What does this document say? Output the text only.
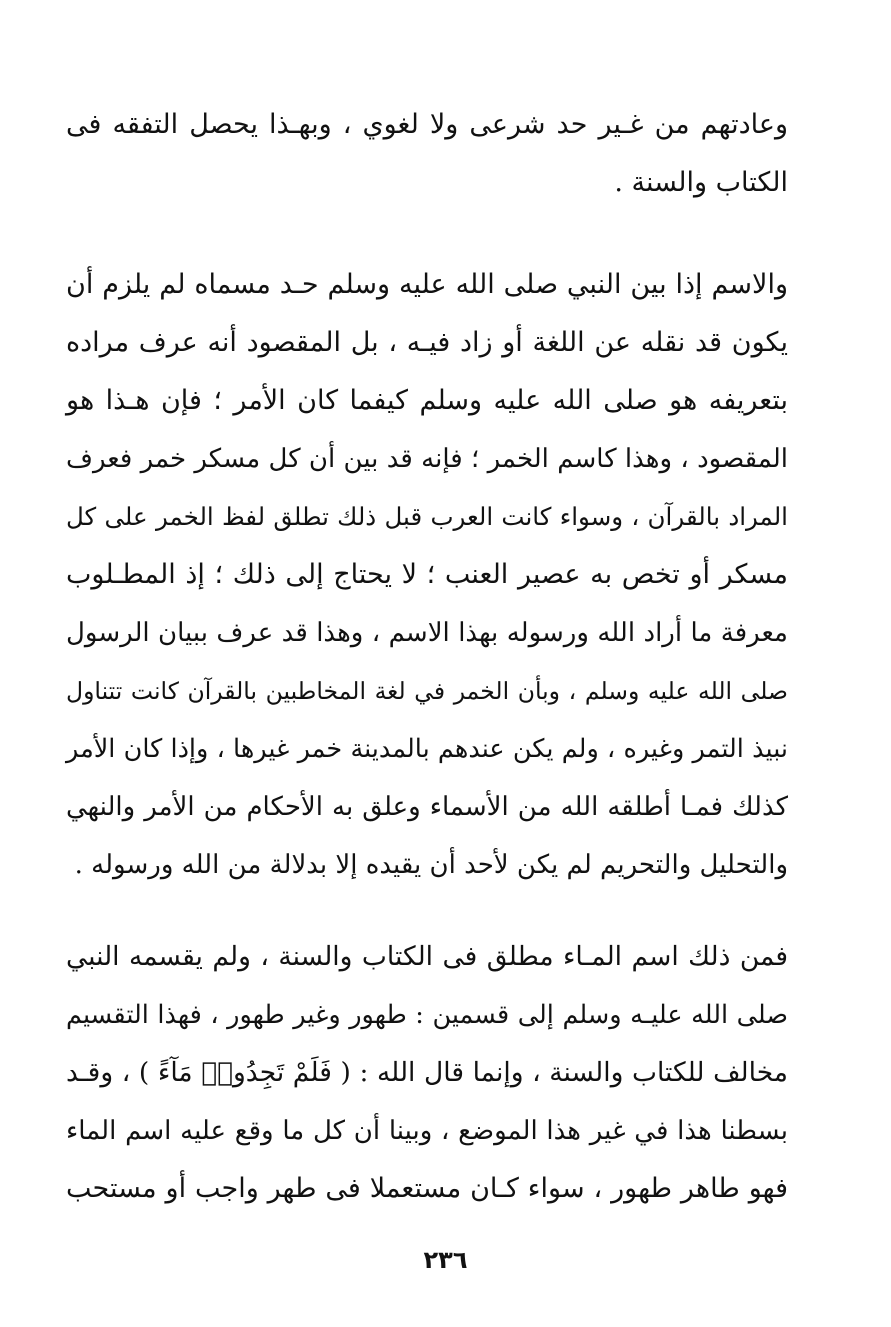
وعادتهم من غـير حد شرعى ولا لغوي ، وبهـذا يحصل التفقه فى
الكتاب والسنة .
والاسم إذا بين النبي صلى الله عليه وسلم حـد مسماه لم يلزم أن
يكون قد نقله عن اللغة أو زاد فيـه ، بل المقصود أنه عرف مراده
بتعريفه هو صلى الله عليه وسلم كيفما كان الأمر ؛ فإن هـذا هو
المقصود ، وهذا كاسم الخمر ؛ فإنه قد بين أن كل مسكر خمر فعرف
المراد بالقرآن ، وسواء كانت العرب قبل ذلك تطلق لفظ الخمر على كل
مسكر أو تخص به عصير العنب ؛ لا يحتاج إلى ذلك ؛ إذ المطـلوب
معرفة ما أراد الله ورسوله بهذا الاسم ، وهذا قد عرف ببيان الرسول
صلى الله عليه وسلم ، وبأن الخمر في لغة المخاطبين بالقرآن كانت تتناول
نبيذ التمر وغيره ، ولم يكن عندهم بالمدينة خمر غيرها ، وإذا كان الأمر
كذلك فمـا أطلقه الله من الأسماء وعلق به الأحكام من الأمر والنهي
والتحليل والتحريم لم يكن لأحد أن يقيده إلا بدلالة من الله ورسوله .
فمن ذلك اسم المـاء مطلق فى الكتاب والسنة ، ولم يقسمه النبي
صلى الله عليـه وسلم إلى قسمين : طهور وغير طهور ، فهذا التقسيم
مخالف للكتاب والسنة ، وإنما قال الله : ( فَلَمْ تَجِدُوا۟ مَآءً ) ، وقـد
بسطنا هذا في غير هذا الموضع ، وبينا أن كل ما وقع عليه اسم الماء
فهو طاهر طهور ، سواء كـان مستعملا فى طهر واجب أو مستحب
٢٣٦
